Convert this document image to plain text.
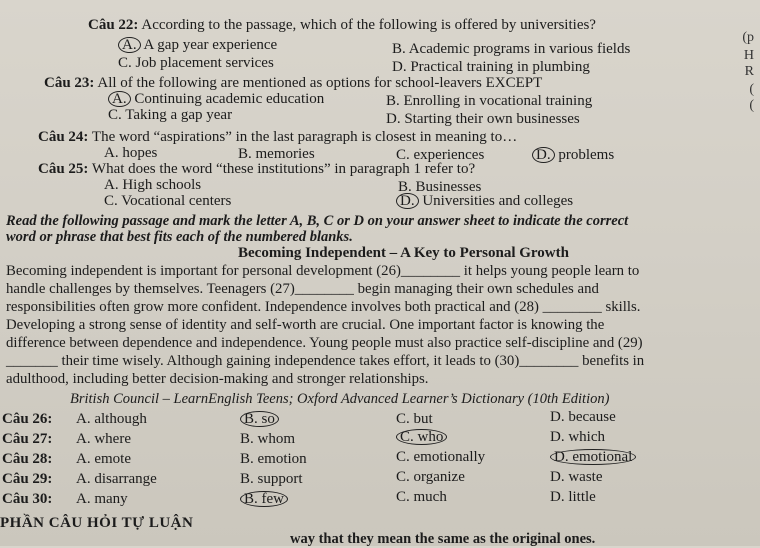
Câu 22: According to the passage, which of the following is offered by universities?
A. A gap year experience	B. Academic programs in various fields
C. Job placement services	D. Practical training in plumbing
Câu 23: All of the following are mentioned as options for school-leavers EXCEPT
A. Continuing academic education	B. Enrolling in vocational training
C. Taking a gap year	D. Starting their own businesses
Câu 24: The word “aspirations” in the last paragraph is closest in meaning to…
A. hopes	B. memories	C. experiences	D. problems
Câu 25: What does the word “these institutions” in paragraph 1 refer to?
A. High schools	B. Businesses
C. Vocational centers	D. Universities and colleges
Read the following passage and mark the letter A, B, C or D on your answer sheet to indicate the correct
word or phrase that best fits each of the numbered blanks.
Becoming Independent – A Key to Personal Growth
Becoming independent is important for personal development (26)________ it helps young people learn to
handle challenges by themselves. Teenagers (27)________ begin managing their own schedules and
responsibilities often grow more confident. Independence involves both practical and (28) ________ skills.
Developing a strong sense of identity and self-worth are crucial. One important factor is knowing the
difference between dependence and independence. Young people must also practice self-discipline and (29)
_______ their time wisely. Although gaining independence takes effort, it leads to (30)________ benefits in
adulthood, including better decision-making and stronger relationships.
British Council – LearnEnglish Teens; Oxford Advanced Learner’s Dictionary (10th Edition)
Câu 26: A. although	B. so	C. but	D. because
Câu 27: A. where	B. whom	C. who	D. which
Câu 28: A. emote	B. emotion	C. emotionally	D. emotional
Câu 29: A. disarrange	B. support	C. organize	D. waste
Câu 30: A. many	B. few	C. much	D. little
PHẦN CÂU HỎI TỰ LUẬN
way that they mean the same as the original ones.
(p
H
R
(
(
